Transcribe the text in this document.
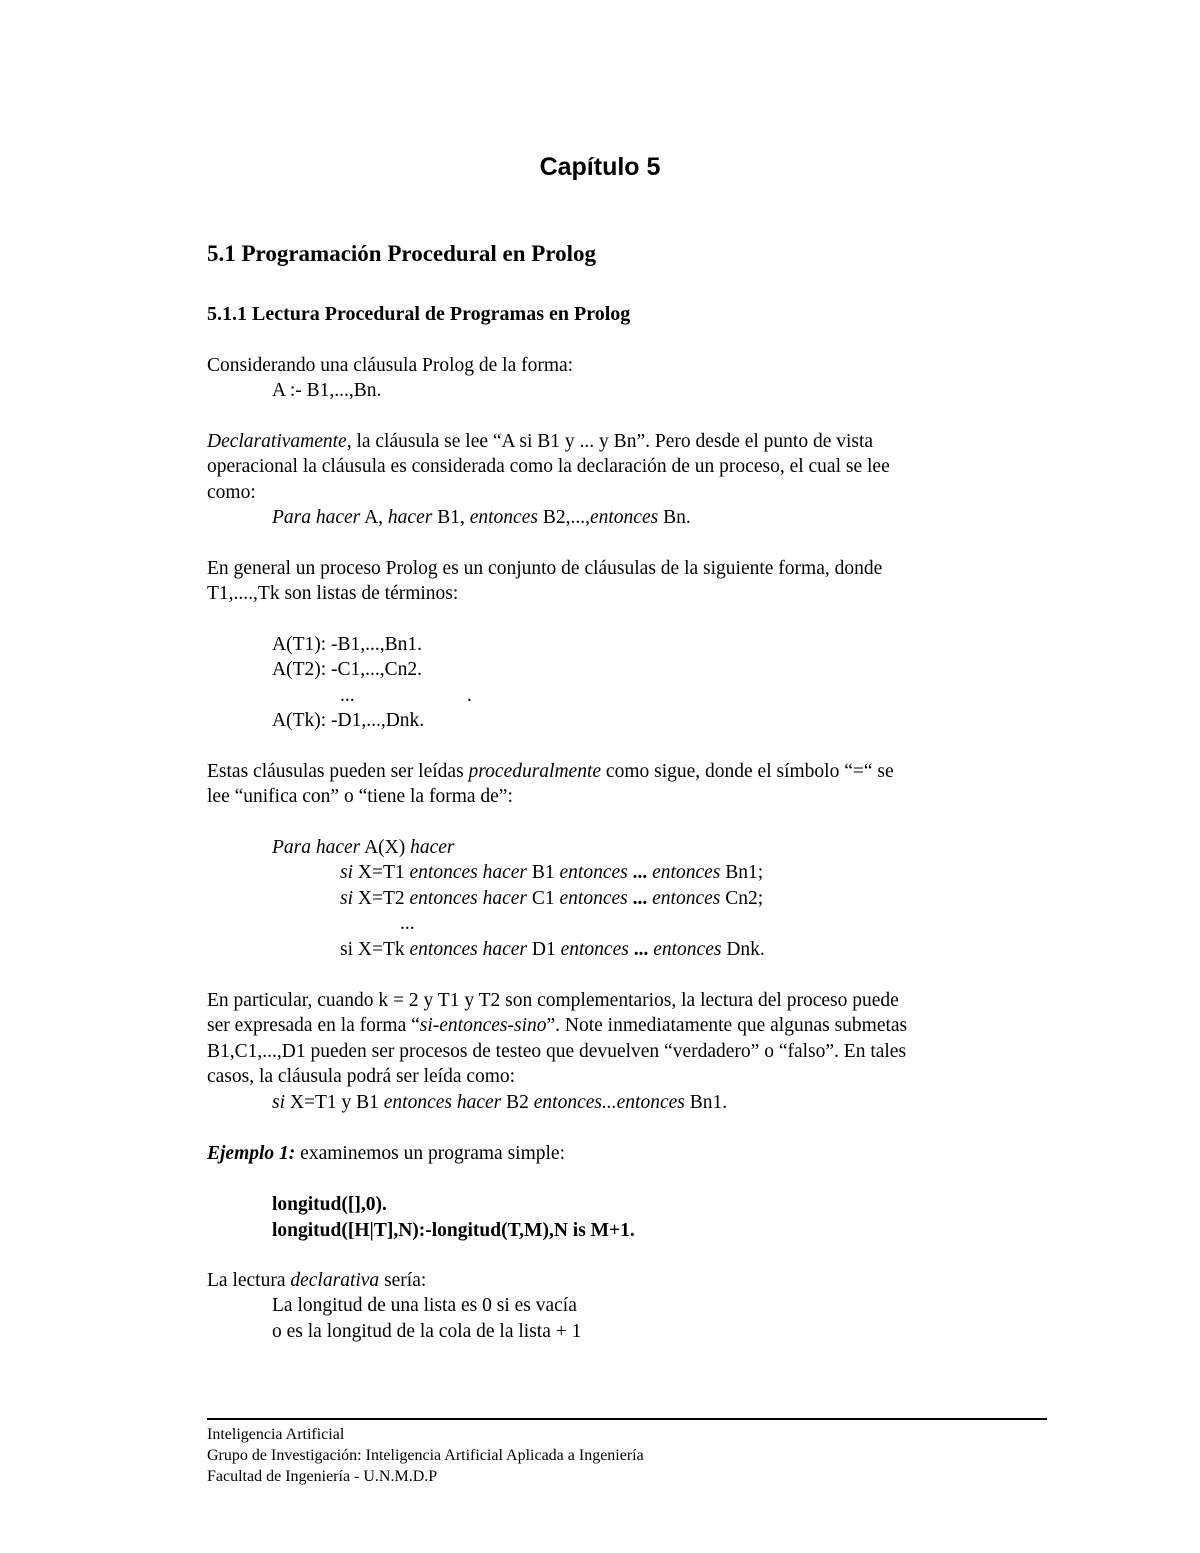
Capítulo 5
5.1 Programación Procedural en Prolog
5.1.1 Lectura Procedural de Programas en Prolog
Considerando una cláusula Prolog de la forma:
A :- B1,...,Bn.
Declarativamente, la cláusula se lee “A si B1 y ... y Bn”. Pero desde el punto de vista
operacional la cláusula es considerada como la declaración de un proceso, el cual se lee
como:
Para hacer A, hacer B1, entonces B2,...,entonces Bn.
En general un proceso Prolog es un conjunto de cláusulas de la siguiente forma, donde
T1,....,Tk son listas de términos:
A(T1): -B1,...,Bn1.
A(T2): -C1,...,Cn2.
...	.
A(Tk): -D1,...,Dnk.
Estas cláusulas pueden ser leídas proceduralmente como sigue, donde el símbolo “=“ se
lee “unifica con” o “tiene la forma de”:
Para hacer A(X) hacer
si X=T1 entonces hacer B1 entonces ... entonces Bn1;
si X=T2 entonces hacer C1 entonces ... entonces Cn2;
...
si X=Tk entonces hacer D1 entonces ... entonces Dnk.
En particular, cuando k = 2 y T1 y T2 son complementarios, la lectura del proceso puede
ser expresada en la forma “si-entonces-sino”. Note inmediatamente que algunas submetas
B1,C1,...,D1 pueden ser procesos de testeo que devuelven “verdadero” o “falso”. En tales
casos, la cláusula podrá ser leída como:
si X=T1 y B1 entonces hacer B2 entonces...entonces Bn1.
Ejemplo 1: examinemos un programa simple:
longitud([],0).
longitud([H|T],N):-longitud(T,M),N is M+1.
La lectura declarativa sería:
La longitud de una lista es 0 si es vacía
o es la longitud de la cola de la lista + 1
Inteligencia Artificial
Grupo de Investigación: Inteligencia Artificial Aplicada a Ingeniería
Facultad de Ingeniería - U.N.M.D.P
